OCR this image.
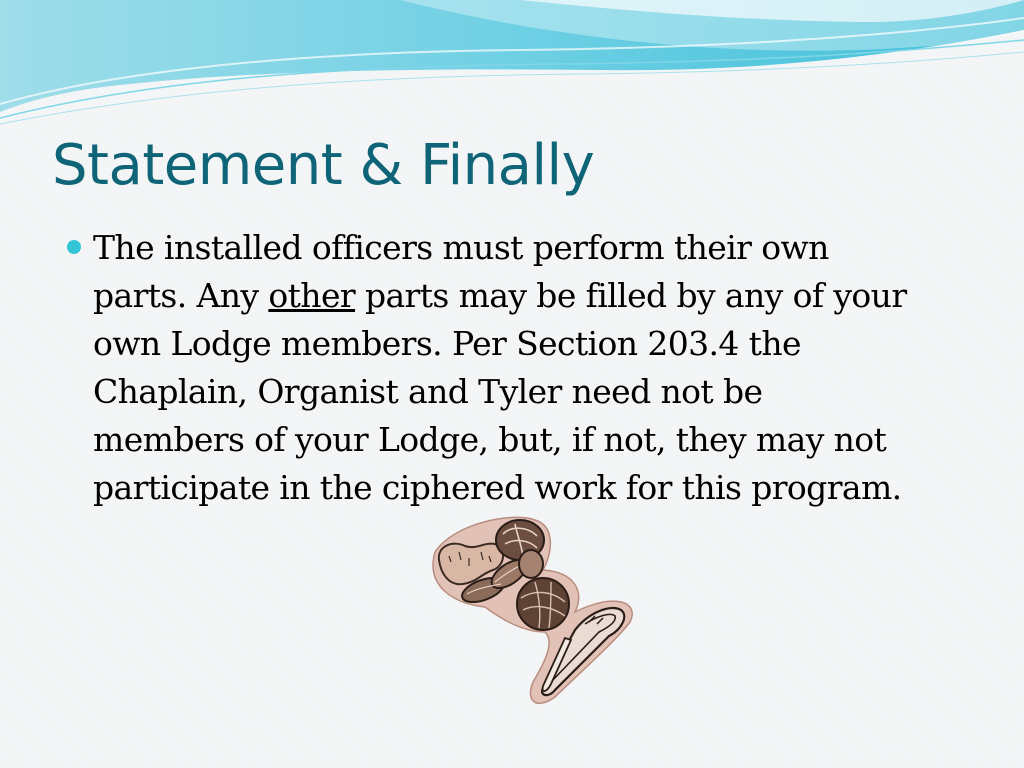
Statement & Finally
The installed officers must perform their own
parts. Any other parts may be filled by any of your
own Lodge members. Per Section 203.4 the
Chaplain, Organist and Tyler need not be
members of your Lodge, but, if not, they may not
participate in the ciphered work for this program.
